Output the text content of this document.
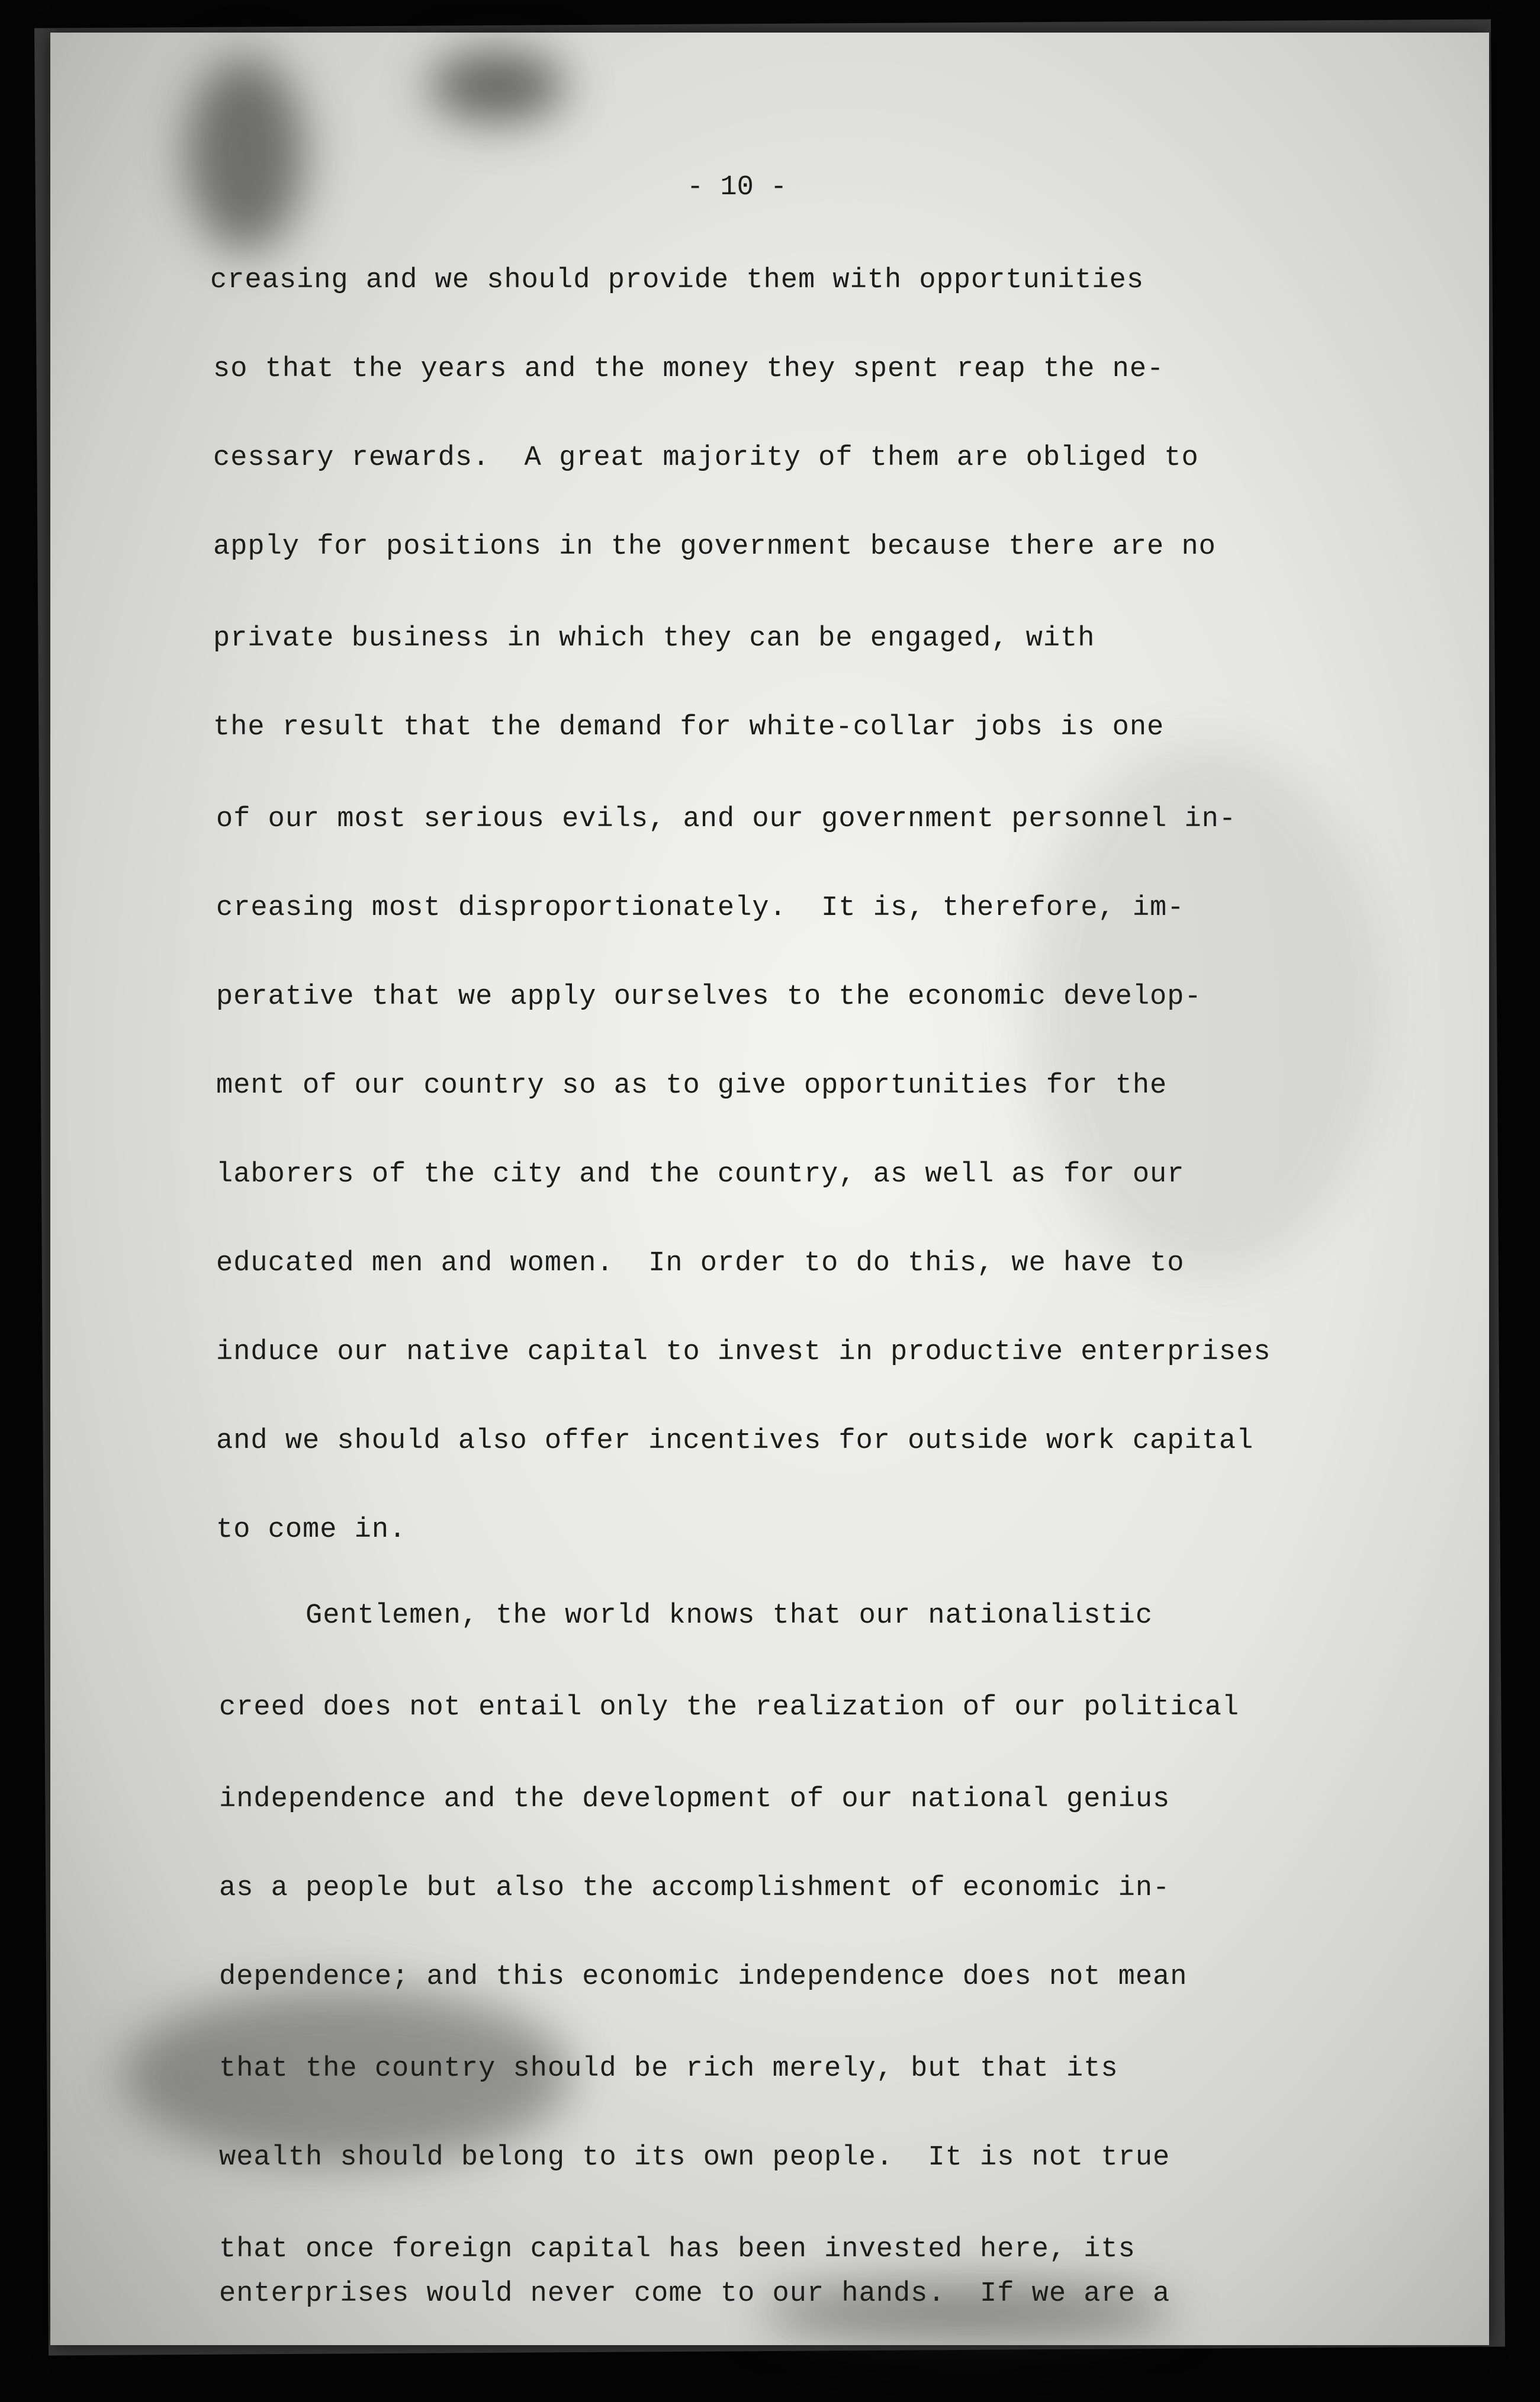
- 10 -
creasing and we should provide them with opportunities
so that the years and the money they spent reap the ne-
cessary rewards.  A great majority of them are obliged to
apply for positions in the government because there are no
private business in which they can be engaged, with
the result that the demand for white-collar jobs is one
of our most serious evils, and our government personnel in-
creasing most disproportionately.  It is, therefore, im-
perative that we apply ourselves to the economic develop-
ment of our country so as to give opportunities for the
laborers of the city and the country, as well as for our
educated men and women.  In order to do this, we have to
induce our native capital to invest in productive enterprises
and we should also offer incentives for outside work capital
to come in.
Gentlemen, the world knows that our nationalistic
creed does not entail only the realization of our political
independence and the development of our national genius
as a people but also the accomplishment of economic in-
dependence; and this economic independence does not mean
that the country should be rich merely, but that its
wealth should belong to its own people.  It is not true
that once foreign capital has been invested here, its
enterprises would never come to our hands.  If we are a
